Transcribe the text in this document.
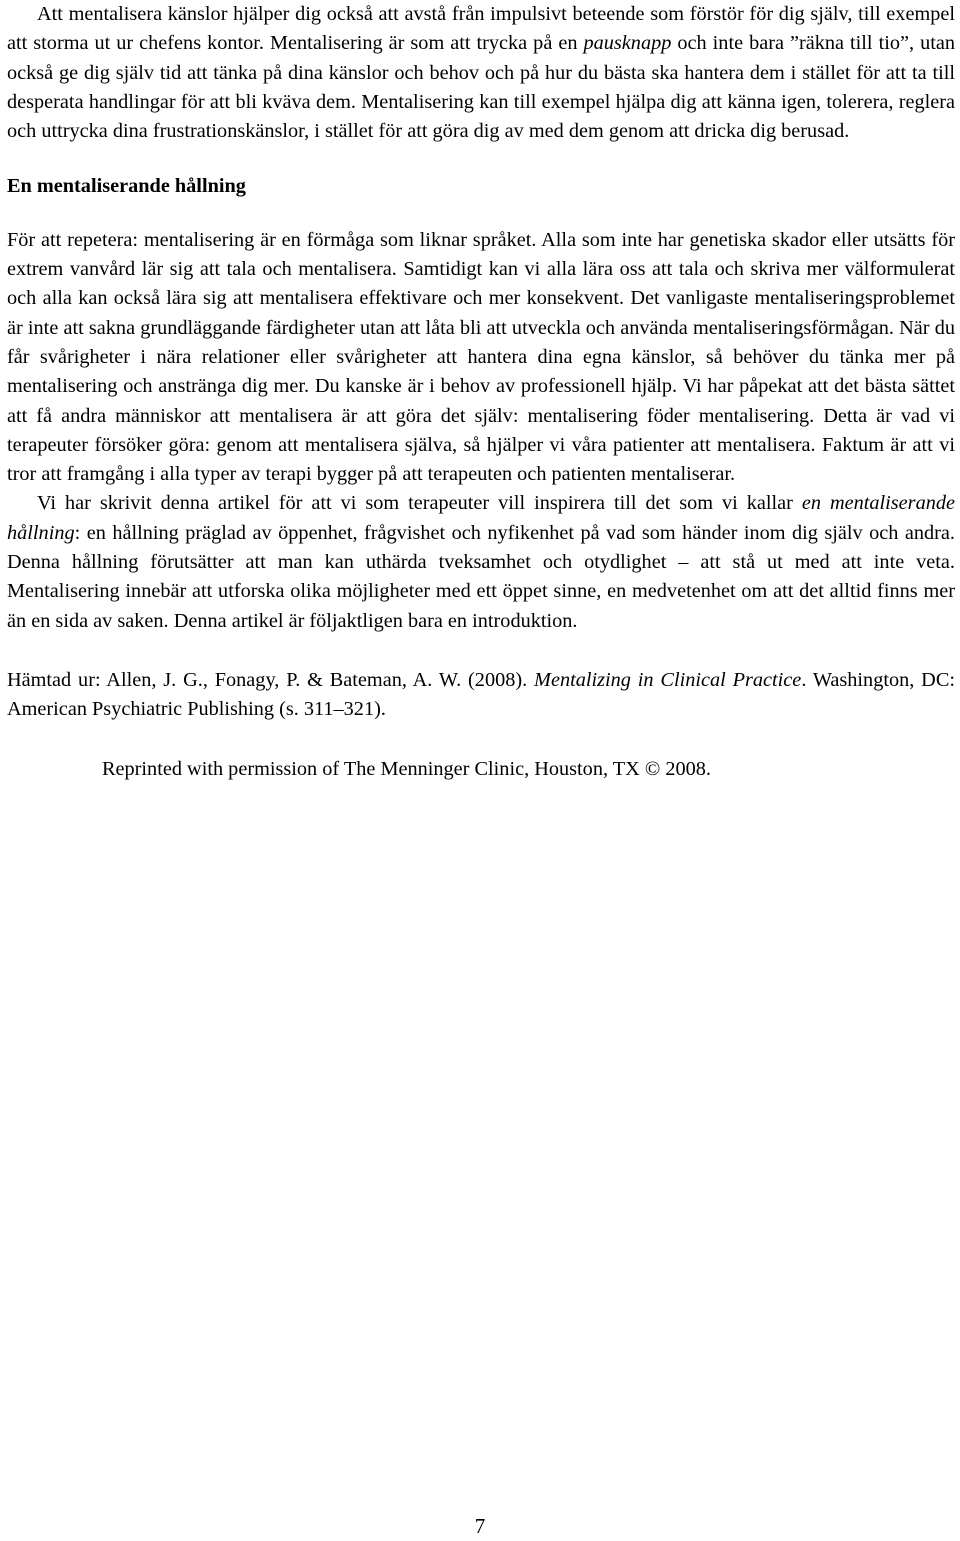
Att mentalisera känslor hjälper dig också att avstå från impulsivt beteende som förstör för dig själv, till exempel att storma ut ur chefens kontor. Mentalisering är som att trycka på en pausknapp och inte bara ”räkna till tio”, utan också ge dig själv tid att tänka på dina känslor och behov och på hur du bästa ska hantera dem i stället för att ta till desperata handlingar för att bli kväva dem. Mentalisering kan till exempel hjälpa dig att känna igen, tolerera, reglera och uttrycka dina frustrationskänslor, i stället för att göra dig av med dem genom att dricka dig berusad.

En mentaliserande hållning

För att repetera: mentalisering är en förmåga som liknar språket. Alla som inte har genetiska skador eller utsätts för extrem vanvård lär sig att tala och mentalisera. Samtidigt kan vi alla lära oss att tala och skriva mer välformulerat och alla kan också lära sig att mentalisera effektivare och mer konsekvent. Det vanligaste mentaliseringsproblemet är inte att sakna grundläggande färdigheter utan att låta bli att utveckla och använda mentaliseringsförmågan. När du får svårigheter i nära relationer eller svårigheter att hantera dina egna känslor, så behöver du tänka mer på mentalisering och anstränga dig mer. Du kanske är i behov av professionell hjälp. Vi har påpekat att det bästa sättet att få andra människor att mentalisera är att göra det själv: mentalisering föder mentalisering. Detta är vad vi terapeuter försöker göra: genom att mentalisera själva, så hjälper vi våra patienter att mentalisera. Faktum är att vi tror att framgång i alla typer av terapi bygger på att terapeuten och patienten mentaliserar.

Vi har skrivit denna artikel för att vi som terapeuter vill inspirera till det som vi kallar en mentaliserande hållning: en hållning präglad av öppenhet, frågvishet och nyfikenhet på vad som händer inom dig själv och andra. Denna hållning förutsätter att man kan uthärda tveksamhet och otydlighet – att stå ut med att inte veta. Mentalisering innebär att utforska olika möjligheter med ett öppet sinne, en medvetenhet om att det alltid finns mer än en sida av saken. Denna artikel är följaktligen bara en introduktion.

Hämtad ur: Allen, J. G., Fonagy, P. & Bateman, A. W. (2008). Mentalizing in Clinical Practice. Washington, DC: American Psychiatric Publishing (s. 311–321).

Reprinted with permission of The Menninger Clinic, Houston, TX © 2008.

7
